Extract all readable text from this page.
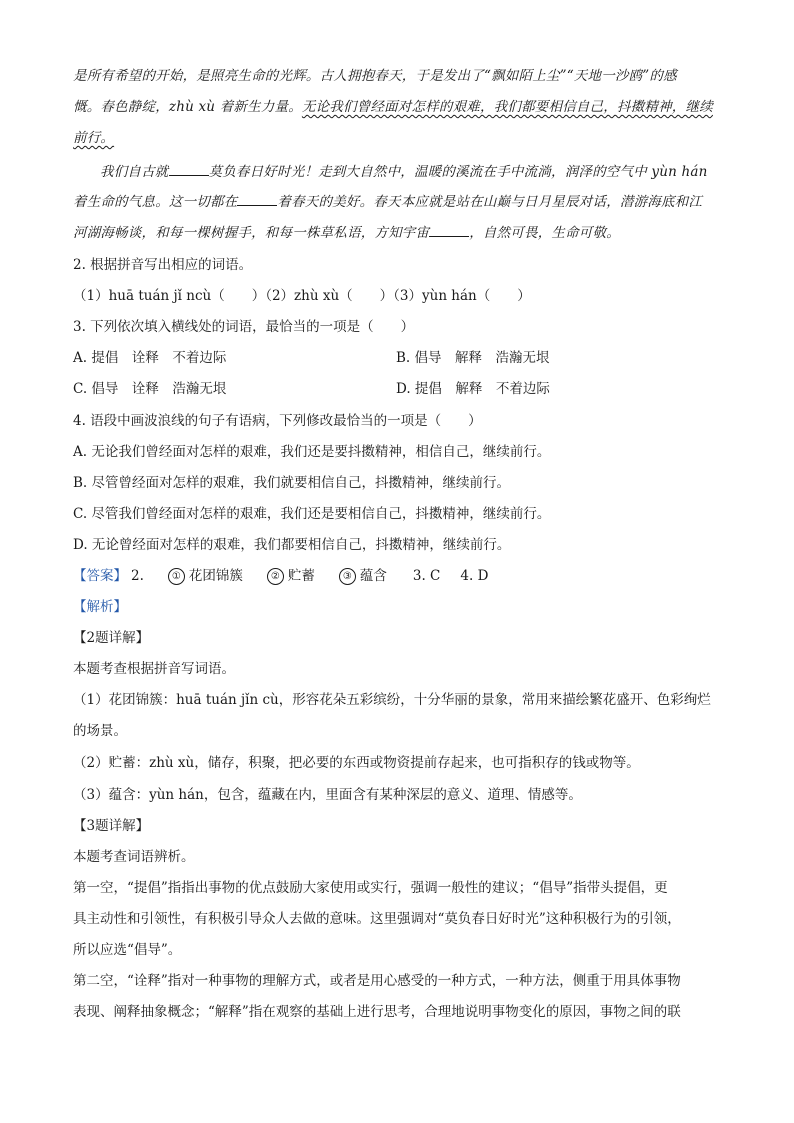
是所有希望的开始，是照亮生命的光辉。古人拥抱春天，于是发出了“飘如陌上尘”“天地一沙鸥”的感
慨。春色静绽，zhù xù 着新生力量。无论我们曾经面对怎样的艰难，我们都要相信自己，抖擞精神，继续
前行。
我们自古就	莫负春日好时光！走到大自然中，温暖的溪流在手中流淌，润泽的空气中 yùn hán
着生命的气息。这一切都在	着春天的美好。春天本应就是站在山巅与日月星辰对话，潜游海底和江
河湖海畅谈，和每一棵树握手，和每一株草私语，方知宇宙	，自然可畏，生命可敬。
2. 根据拼音写出相应的词语。
（1）huā tuán jǐ ncù（　　）（2）zhù xù（　　）（3）yùn hán（　　）
3. 下列依次填入横线处的词语，最恰当的一项是（　　）
A. 提倡　诠释　不着边际	B. 倡导　解释　浩瀚无垠
C. 倡导　诠释　浩瀚无垠	D. 提倡　解释　不着边际
4. 语段中画波浪线的句子有语病，下列修改最恰当的一项是（　　）
A. 无论我们曾经面对怎样的艰难，我们还是要抖擞精神，相信自己，继续前行。
B. 尽管曾经面对怎样的艰难，我们就要相信自己，抖擞精神，继续前行。
C. 尽管我们曾经面对怎样的艰难，我们还是要相信自己，抖擞精神，继续前行。
D. 无论曾经面对怎样的艰难，我们都要相信自己，抖擞精神，继续前行。
【答案】 2.	① 花团锦簇	② 贮蓄	③ 蕴含 3. C 4. D
【解析】
【2题详解】
本题考查根据拼音写词语。
（1）花团锦簇：huā tuán jǐn cù，形容花朵五彩缤纷，十分华丽的景象，常用来描绘繁花盛开、色彩绚烂
的场景。
（2）贮蓄：zhù xù，储存，积聚，把必要的东西或物资提前存起来，也可指积存的钱或物等。
（3）蕴含：yùn hán，包含，蕴藏在内，里面含有某种深层的意义、道理、情感等。
【3题详解】
本题考查词语辨析。
第一空，“提倡”指指出事物的优点鼓励大家使用或实行，强调一般性的建议；“倡导”指带头提倡，更
具主动性和引领性，有积极引导众人去做的意味。这里强调对“莫负春日好时光”这种积极行为的引领，
所以应选“倡导”。
第二空，“诠释”指对一种事物的理解方式，或者是用心感受的一种方式，一种方法，侧重于用具体事物
表现、阐释抽象概念；“解释”指在观察的基础上进行思考，合理地说明事物变化的原因，事物之间的联
